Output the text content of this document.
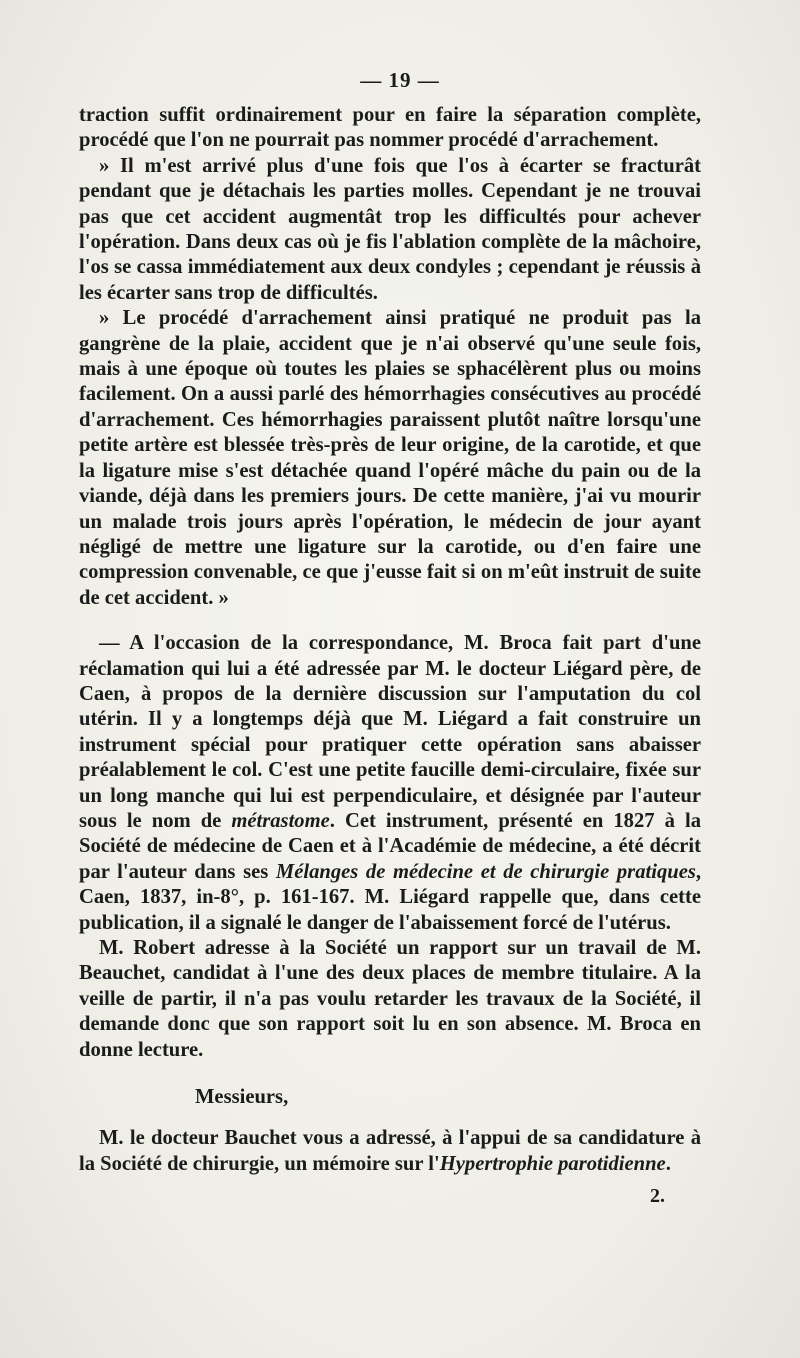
— 19 —

traction suffit ordinairement pour en faire la séparation complète, procédé que l'on ne pourrait pas nommer procédé d'arrachement.

» Il m'est arrivé plus d'une fois que l'os à écarter se fracturât pendant que je détachais les parties molles. Cependant je ne trouvai pas que cet accident augmentât trop les difficultés pour achever l'opération. Dans deux cas où je fis l'ablation complète de la mâchoire, l'os se cassa immédiatement aux deux condyles ; cependant je réussis à les écarter sans trop de difficultés.

» Le procédé d'arrachement ainsi pratiqué ne produit pas la gangrène de la plaie, accident que je n'ai observé qu'une seule fois, mais à une époque où toutes les plaies se sphacélèrent plus ou moins facilement. On a aussi parlé des hémorrhagies consécutives au procédé d'arrachement. Ces hémorrhagies paraissent plutôt naître lorsqu'une petite artère est blessée très-près de leur origine, de la carotide, et que la ligature mise s'est détachée quand l'opéré mâche du pain ou de la viande, déjà dans les premiers jours. De cette manière, j'ai vu mourir un malade trois jours après l'opération, le médecin de jour ayant négligé de mettre une ligature sur la carotide, ou d'en faire une compression convenable, ce que j'eusse fait si on m'eût instruit de suite de cet accident. »

— A l'occasion de la correspondance, M. Broca fait part d'une réclamation qui lui a été adressée par M. le docteur Liégard père, de Caen, à propos de la dernière discussion sur l'amputation du col utérin. Il y a longtemps déjà que M. Liégard a fait construire un instrument spécial pour pratiquer cette opération sans abaisser préalablement le col. C'est une petite faucille demi-circulaire, fixée sur un long manche qui lui est perpendiculaire, et désignée par l'auteur sous le nom de métrastome. Cet instrument, présenté en 1827 à la Société de médecine de Caen et à l'Académie de médecine, a été décrit par l'auteur dans ses Mélanges de médecine et de chirurgie pratiques, Caen, 1837, in-8°, p. 161-167. M. Liégard rappelle que, dans cette publication, il a signalé le danger de l'abaissement forcé de l'utérus.

M. Robert adresse à la Société un rapport sur un travail de M. Beauchet, candidat à l'une des deux places de membre titulaire. A la veille de partir, il n'a pas voulu retarder les travaux de la Société, il demande donc que son rapport soit lu en son absence. M. Broca en donne lecture.

Messieurs,

M. le docteur Bauchet vous a adressé, à l'appui de sa candidature à la Société de chirurgie, un mémoire sur l'Hypertrophie parotidienne.

2.
